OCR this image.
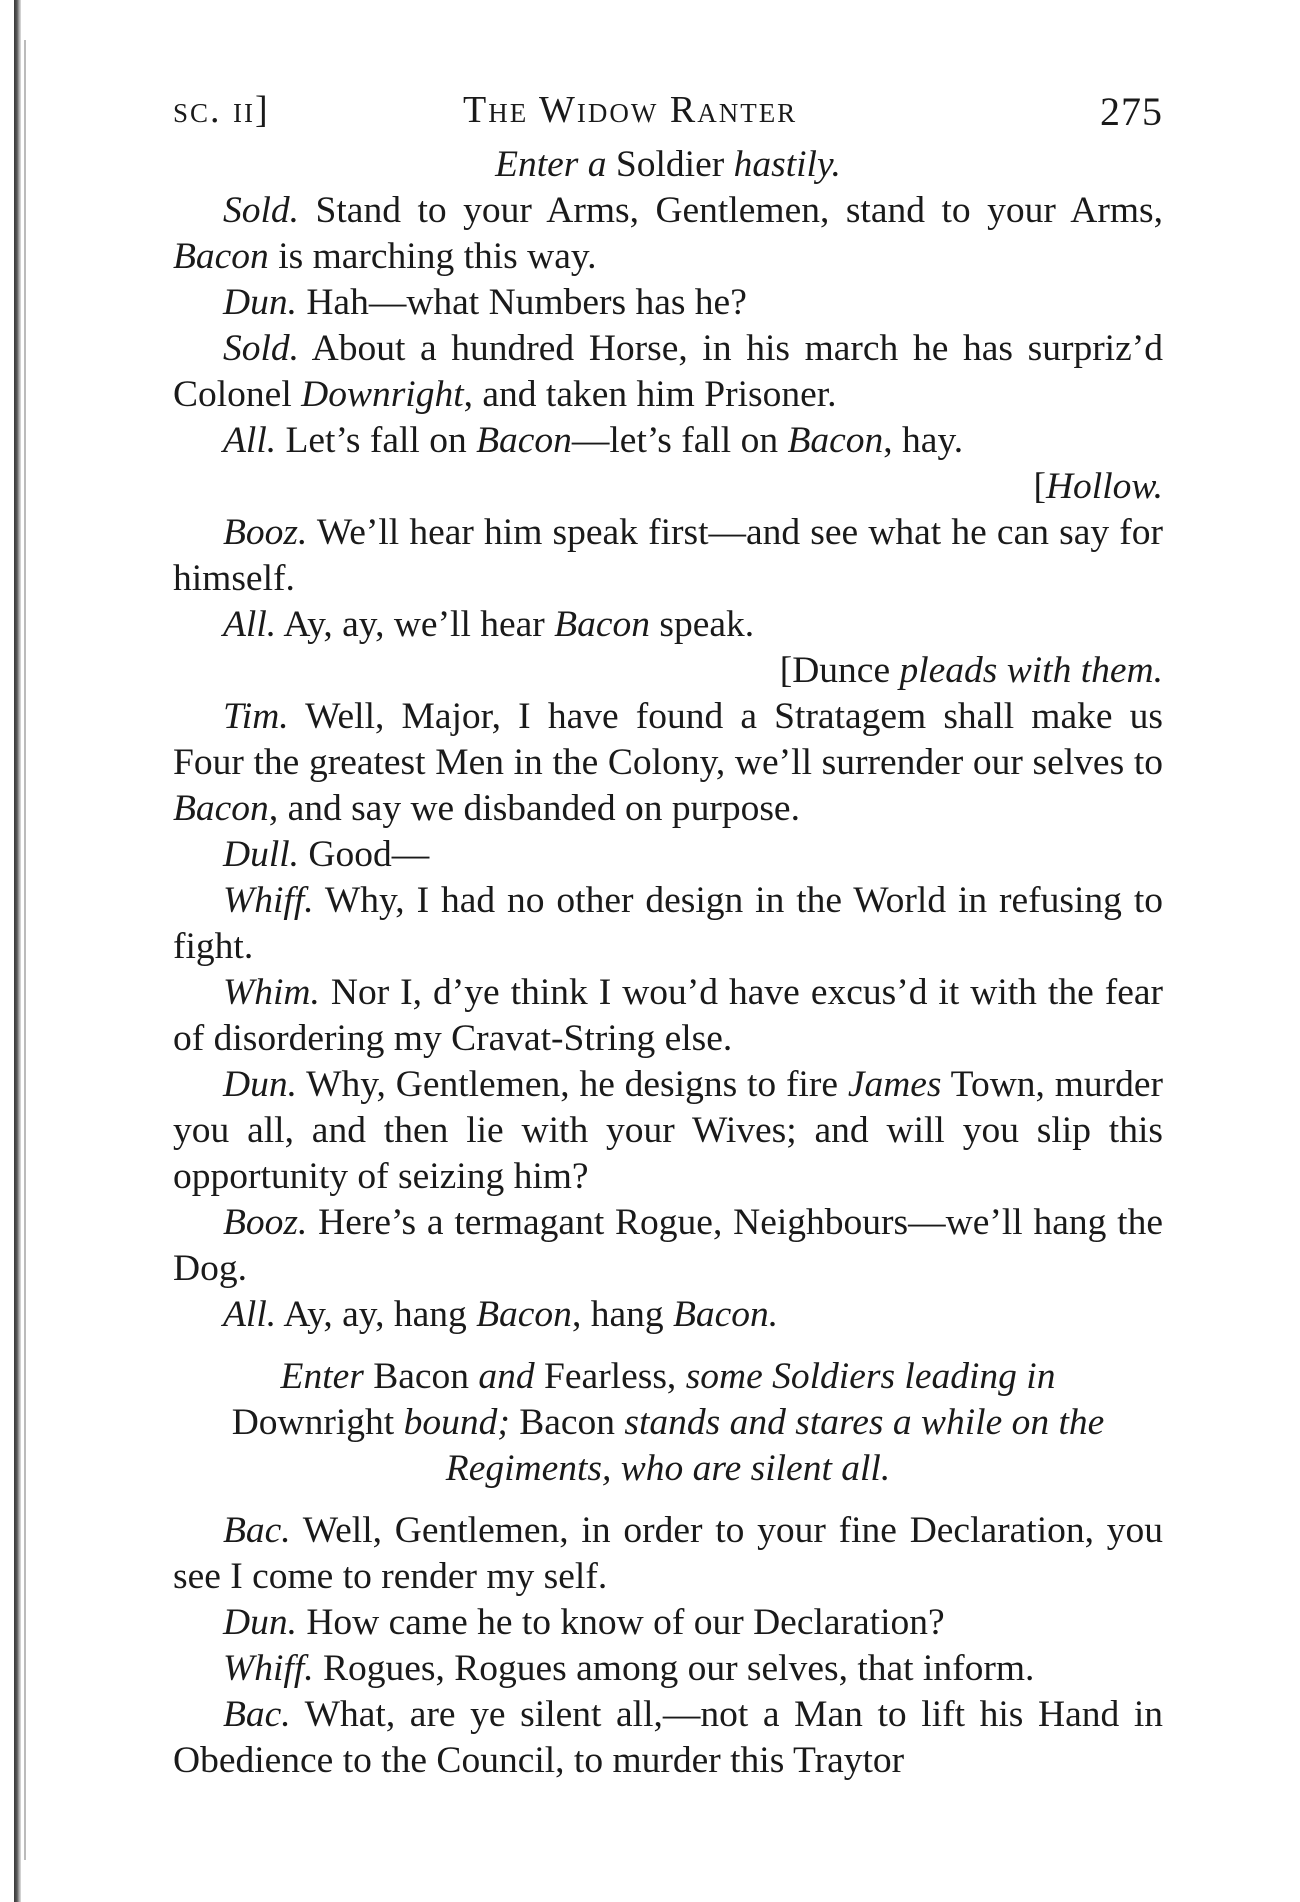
sc. ii]	The Widow Ranter	275

Enter a Soldier hastily.

Sold. Stand to your Arms, Gentlemen, stand to your Arms, Bacon is marching this way.

Dun. Hah—what Numbers has he?

Sold. About a hundred Horse, in his march he has surpriz’d Colonel Downright, and taken him Prisoner.

All. Let’s fall on Bacon—let’s fall on Bacon, hay.

[Hollow.

Booz. We’ll hear him speak first—and see what he can say for himself.

All. Ay, ay, we’ll hear Bacon speak.

[Dunce pleads with them.

Tim. Well, Major, I have found a Stratagem shall make us Four the greatest Men in the Colony, we’ll surrender our selves to Bacon, and say we disbanded on purpose.

Dull. Good—

Whiff. Why, I had no other design in the World in refusing to fight.

Whim. Nor I, d’ye think I wou’d have excus’d it with the fear of disordering my Cravat-String else.

Dun. Why, Gentlemen, he designs to fire James Town, murder you all, and then lie with your Wives; and will you slip this opportunity of seizing him?

Booz. Here’s a termagant Rogue, Neighbours—we’ll hang the Dog.

All. Ay, ay, hang Bacon, hang Bacon.

Enter Bacon and Fearless, some Soldiers leading in Downright bound; Bacon stands and stares a while on the Regiments, who are silent all.

Bac. Well, Gentlemen, in order to your fine Declaration, you see I come to render my self.

Dun. How came he to know of our Declaration?

Whiff. Rogues, Rogues among our selves, that inform.

Bac. What, are ye silent all,—not a Man to lift his Hand in Obedience to the Council, to murder this Traytor
